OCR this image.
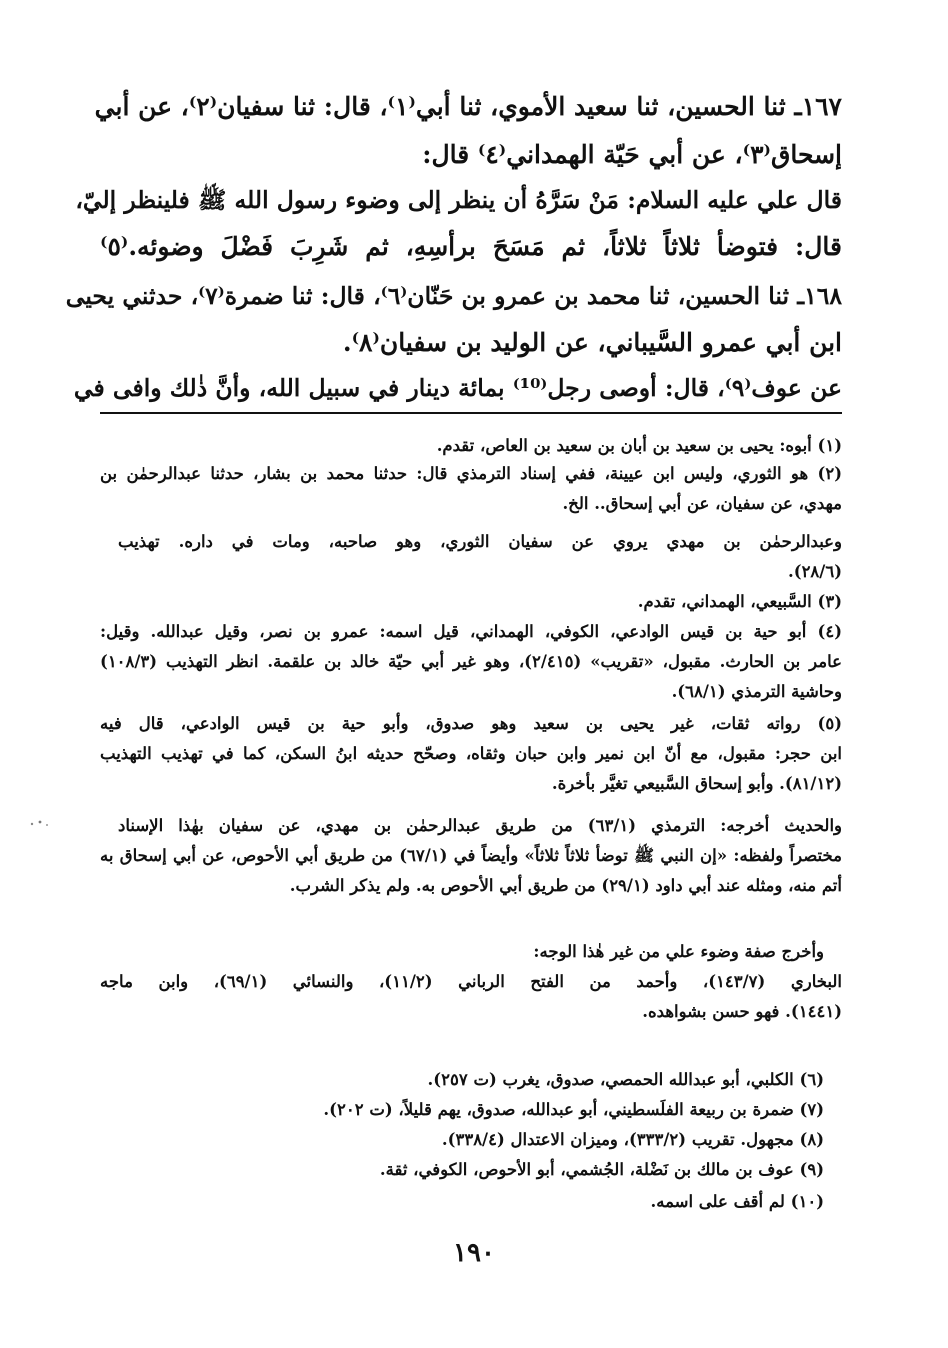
١٦٧ـ ثنا الحسين، ثنا سعيد الأموي، ثنا أبي⁽١⁾، قال: ثنا سفيان⁽٢⁾، عن أبي
إسحاق⁽٣⁾، عن أبي حَيّة الهمداني⁽٤⁾ قال:
قال علي عليه السلام: مَنْ سَرَّهُ أن ينظر إلى وضوء رسول الله ﷺ فلينظر إليّ،
قال: فتوضأ ثلاثاً ثلاثاً، ثم مَسَحَ برأسِهِ، ثم شَرِبَ فَضْلَ وضوئه.⁽٥⁾
١٦٨ـ ثنا الحسين، ثنا محمد بن عمرو بن حَنّان⁽٦⁾، قال: ثنا ضمرة⁽٧⁾، حدثني يحيى
ابن أبي عمرو السَّيباني، عن الوليد بن سفيان⁽٨⁾.
عن عوف⁽٩⁾، قال: أوصى رجل⁽¹⁰⁾ بمائة دينار في سبيل الله، وأنَّ ذٰلك وافى في
(١) أبوه: يحيى بن سعيد بن أبان بن سعيد بن العاص، تقدم.
(٢) هو الثوري، وليس ابن عيينة، ففي إسناد الترمذي قال: حدثنا محمد بن بشار، حدثنا عبدالرحمٰن بن
مهدي، عن سفيان، عن أبي إسحاق.. الخ.
وعبدالرحمٰن بن مهدي يروي عن سفيان الثوري، وهو صاحبه، ومات في داره. تهذيب
(٢٨/٦).
(٣) السَّبيعي، الهمداني، تقدم.
(٤) أبو حية بن قيس الوادعي، الكوفي، الهمداني، قيل اسمه: عمرو بن نصر، وقيل عبدالله. وقيل:
عامر بن الحارث. مقبول، «تقريب» (٢/٤١٥)، وهو غير أبي حيّة خالد بن علقمة. انظر التهذيب (١٠٨/٣)
وحاشية الترمذي (٦٨/١).
(٥) رواته ثقات، غير يحيى بن سعيد وهو صدوق، وأبو حية بن قيس الوادعي، قال فيه
ابن حجر: مقبول، مع أنّ ابن نمير وابن حبان وثقاه، وصحّح حديثه ابنُ السكن، كما في تهذيب التهذيب
(٨١/١٢). وأبو إسحاق السَّبيعي تغيَّر بأخرة.
والحديث أخرجه: الترمذي (٦٣/١) من طريق عبدالرحمٰن بن مهدي، عن سفيان بهٰذا الإسناد
مختصراً ولفظه: «إن النبي ﷺ توضأ ثلاثاً ثلاثاً» وأيضاً في (٦٧/١) من طريق أبي الأحوص، عن أبي إسحاق به
أتم منه، ومثله عند أبي داود (٢٩/١) من طريق أبي الأحوص به. ولم يذكر الشرب.
وأخرج صفة وضوء علي من غير هٰذا الوجه:
البخاري (١٤٣/٧)، وأحمد من الفتح الرباني (١١/٢)، والنسائي (٦٩/١)، وابن ماجه
(١٤٤١). فهو حسن بشواهده.
(٦) الكلبي، أبو عبدالله الحمصي، صدوق، يغرب (ت ٢٥٧).
(٧) ضمرة بن ربيعة الفلَسطيني، أبو عبدالله، صدوق، يهم قليلاً، (ت ٢٠٢).
(٨) مجهول. تقريب (٣٣٣/٢)، وميزان الاعتدال (٣٣٨/٤).
(٩) عوف بن مالك بن نَضْلة، الجُشمي، أبو الأحوص، الكوفي، ثقة.
(١٠) لم أقف على اسمه.
١٩٠
